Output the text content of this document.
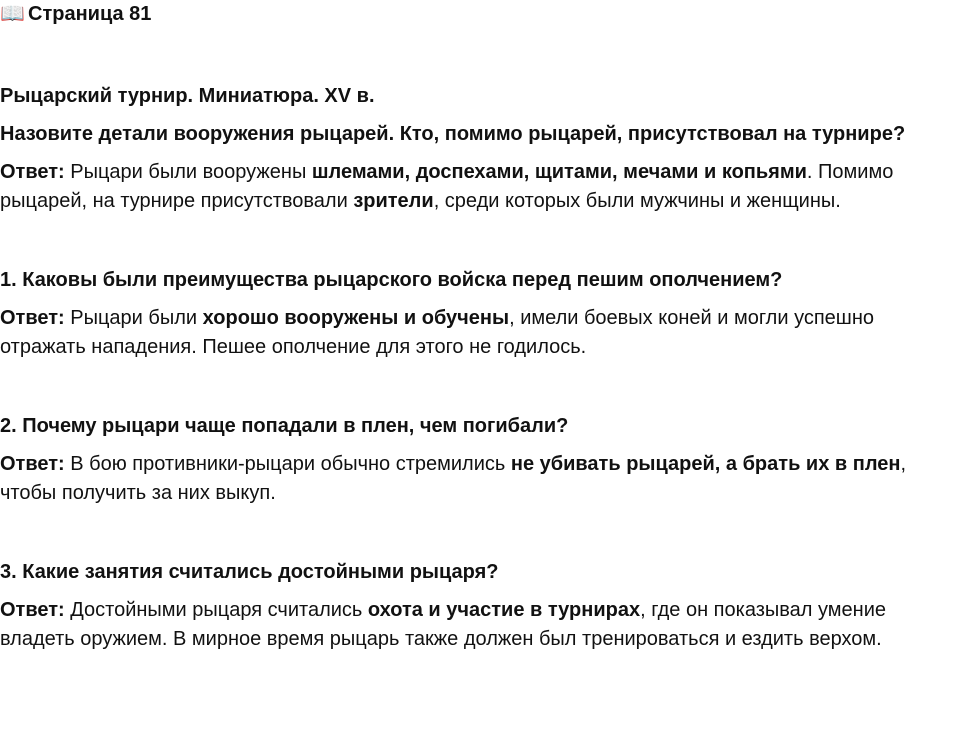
📖 Страница 81
Рыцарский турнир. Миниатюра. XV в.

Назовите детали вооружения рыцарей. Кто, помимо рыцарей, присутствовал на турнире?

Ответ: Рыцари были вооружены шлемами, доспехами, щитами, мечами и копьями. Помимо рыцарей, на турнире присутствовали зрители, среди которых были мужчины и женщины.

1. Каковы были преимущества рыцарского войска перед пешим ополчением?

Ответ: Рыцари были хорошо вооружены и обучены, имели боевых коней и могли успешно отражать нападения. Пешее ополчение для этого не годилось.

2. Почему рыцари чаще попадали в плен, чем погибали?

Ответ: В бою противники-рыцари обычно стремились не убивать рыцарей, а брать их в плен, чтобы получить за них выкуп.

3. Какие занятия считались достойными рыцаря?

Ответ: Достойными рыцаря считались охота и участие в турнирах, где он показывал умение владеть оружием. В мирное время рыцарь также должен был тренироваться и ездить верхом.
